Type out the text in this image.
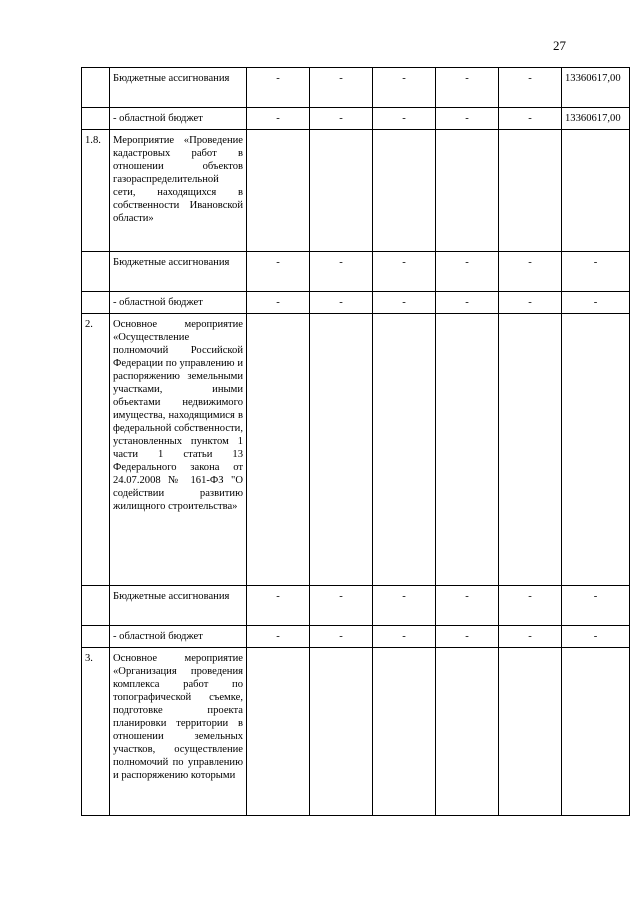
27
	Бюджетные ассигнования	-	-	-	-	-	13360617,00
	- областной бюджет	-	-	-	-	-	13360617,00
1.8.	Мероприятие «Проведение кадастровых работ в отношении объектов газораспределительной сети, находящихся в собственности Ивановской области»						
	Бюджетные ассигнования	-	-	-	-	-	-
	- областной бюджет	-	-	-	-	-	-
2.	Основное мероприятие «Осуществление полномочий Российской Федерации по управлению и распоряжению земельными участками, иными объектами недвижимого имущества, находящимися в федеральной собственности, установленных пунктом 1 части 1 статьи 13 Федерального закона от 24.07.2008 № 161-ФЗ "О содействии развитию жилищного строительства»						
	Бюджетные ассигнования	-	-	-	-	-	-
	- областной бюджет	-	-	-	-	-	-
3.	Основное мероприятие «Организация проведения комплекса работ по топографической съемке, подготовке проекта планировки территории в отношении земельных участков, осуществление полномочий по управлению и распоряжению которыми						
